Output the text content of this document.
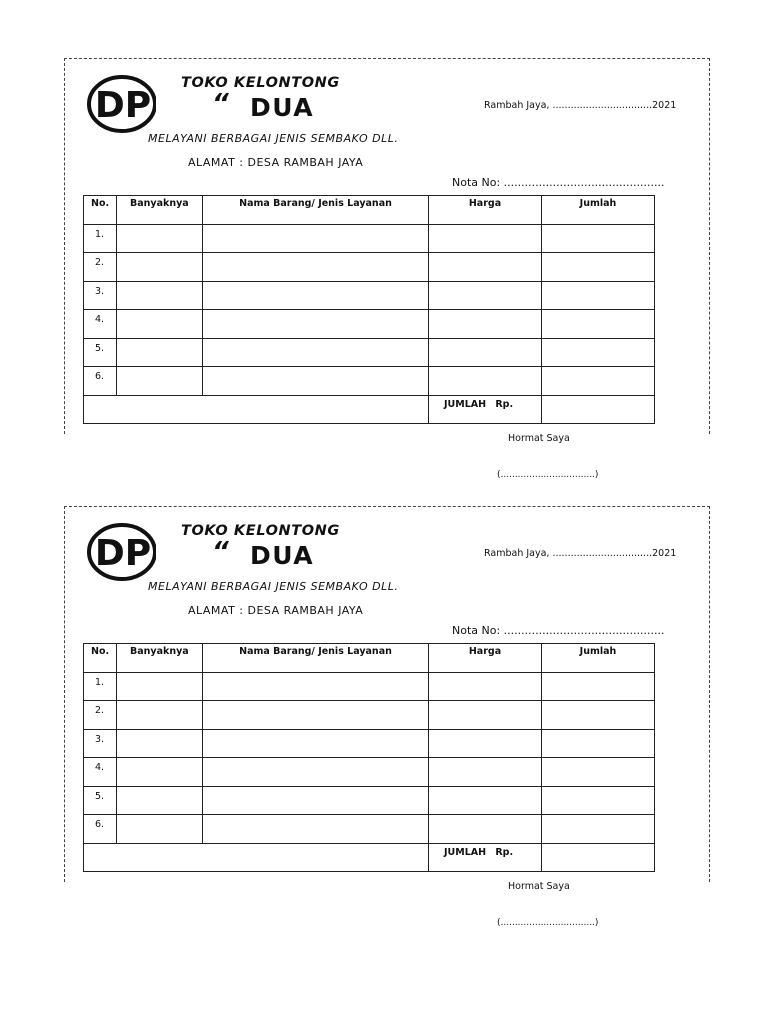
DP
TOKO KELONTONG
“ DUA	Rambah Jaya, .................................2021
MELAYANI BERBAGAI JENIS SEMBAKO DLL.
ALAMAT : DESA RAMBAH JAYA
Nota No: ..............................................
No.	Banyaknya	Nama Barang/ Jenis Layanan	Harga	Jumlah
1.				
2.				
3.				
4.				
5.				
6.				
			JUMLAH Rp.	
Hormat Saya
(.................................)
DP
TOKO KELONTONG
“ DUA	Rambah Jaya, .................................2021
MELAYANI BERBAGAI JENIS SEMBAKO DLL.
ALAMAT : DESA RAMBAH JAYA
Nota No: ..............................................
No.	Banyaknya	Nama Barang/ Jenis Layanan	Harga	Jumlah
1.				
2.				
3.				
4.				
5.				
6.				
			JUMLAH Rp.	
Hormat Saya
(.................................)
